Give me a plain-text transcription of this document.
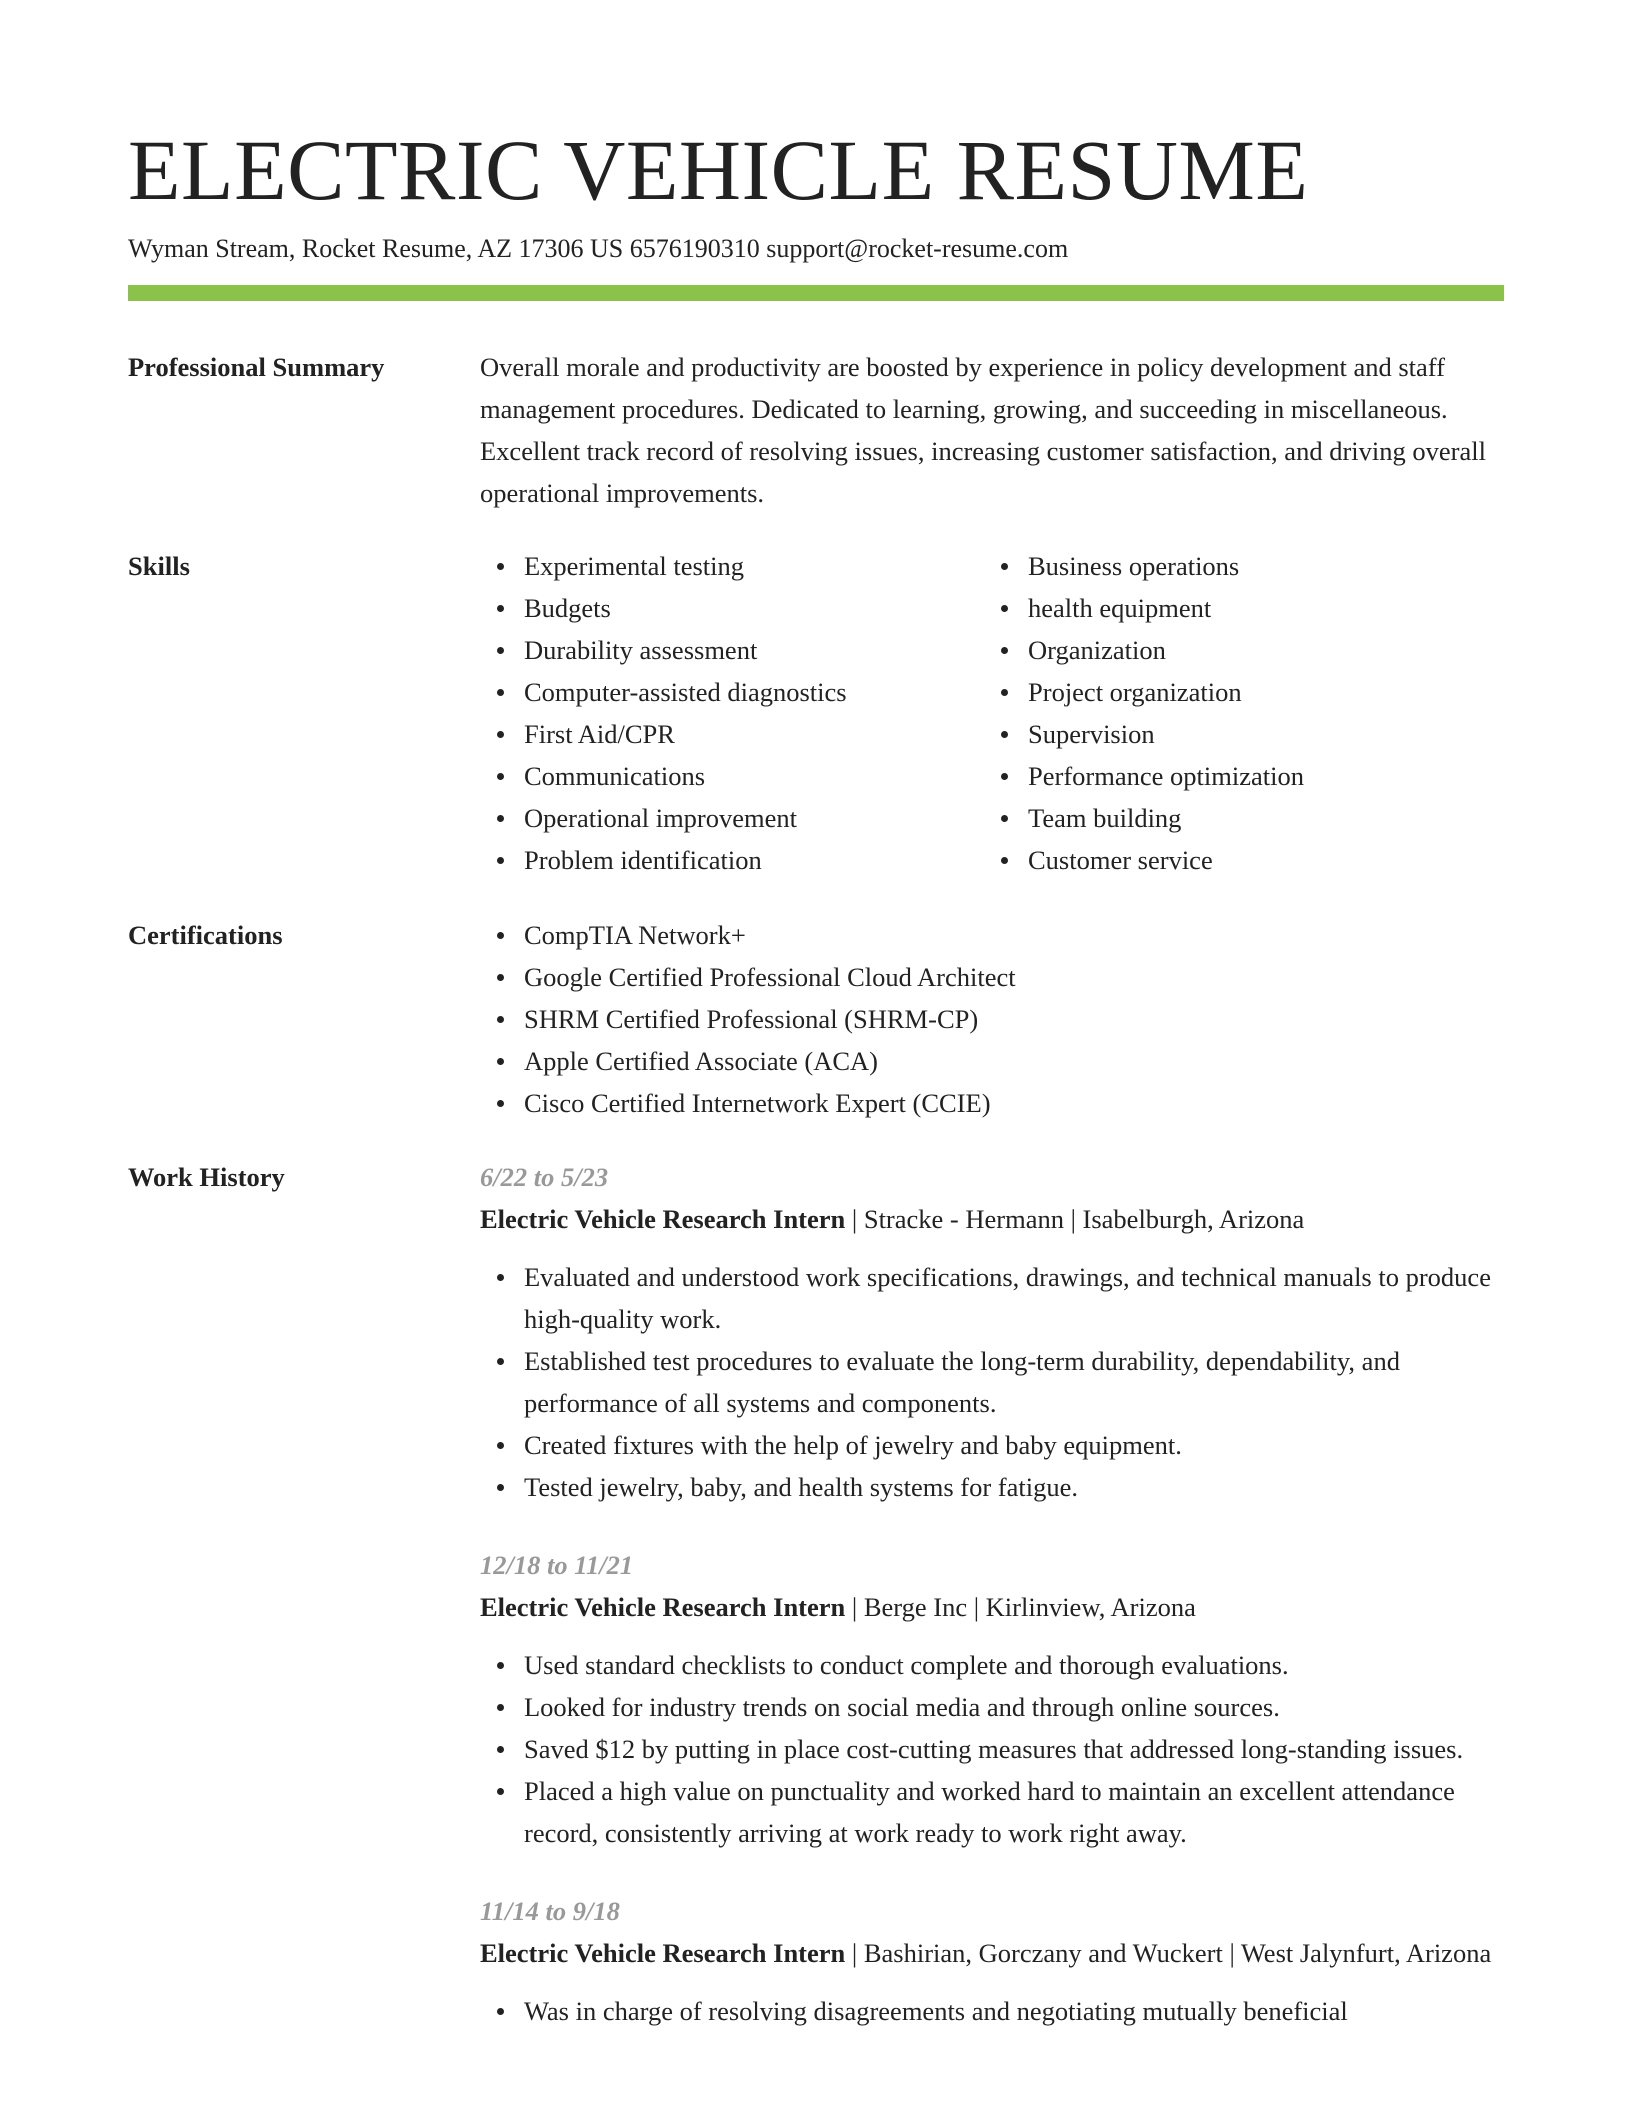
ELECTRIC VEHICLE RESUME
Wyman Stream, Rocket Resume, AZ 17306 US 6576190310 support@rocket-resume.com
Professional Summary	Overall morale and productivity are boosted by experience in policy development and staff management procedures. Dedicated to learning, growing, and succeeding in miscellaneous. Excellent track record of resolving issues, increasing customer satisfaction, and driving overall operational improvements.

Skills	Experimental testing
Budgets
Durability assessment
Computer-assisted diagnostics
First Aid/CPR
Communications
Operational improvement
Problem identification
Business operations
health equipment
Organization
Project organization
Supervision
Performance optimization
Team building
Customer service
Certifications	CompTIA Network+
Google Certified Professional Cloud Architect
SHRM Certified Professional (SHRM-CP)
Apple Certified Associate (ACA)
Cisco Certified Internetwork Expert (CCIE)
Work History	6/22 to 5/23
Electric Vehicle Research Intern | Stracke - Hermann | Isabelburgh, Arizona
Evaluated and understood work specifications, drawings, and technical manuals to produce high-quality work.
Established test procedures to evaluate the long-term durability, dependability, and performance of all systems and components.
Created fixtures with the help of jewelry and baby equipment.
Tested jewelry, baby, and health systems for fatigue.
12/18 to 11/21
Electric Vehicle Research Intern | Berge Inc | Kirlinview, Arizona
Used standard checklists to conduct complete and thorough evaluations.
Looked for industry trends on social media and through online sources.
Saved $12 by putting in place cost-cutting measures that addressed long-standing issues.
Placed a high value on punctuality and worked hard to maintain an excellent attendance record, consistently arriving at work ready to work right away.
11/14 to 9/18
Electric Vehicle Research Intern | Bashirian, Gorczany and Wuckert | West Jalynfurt, Arizona
Was in charge of resolving disagreements and negotiating mutually beneficial
